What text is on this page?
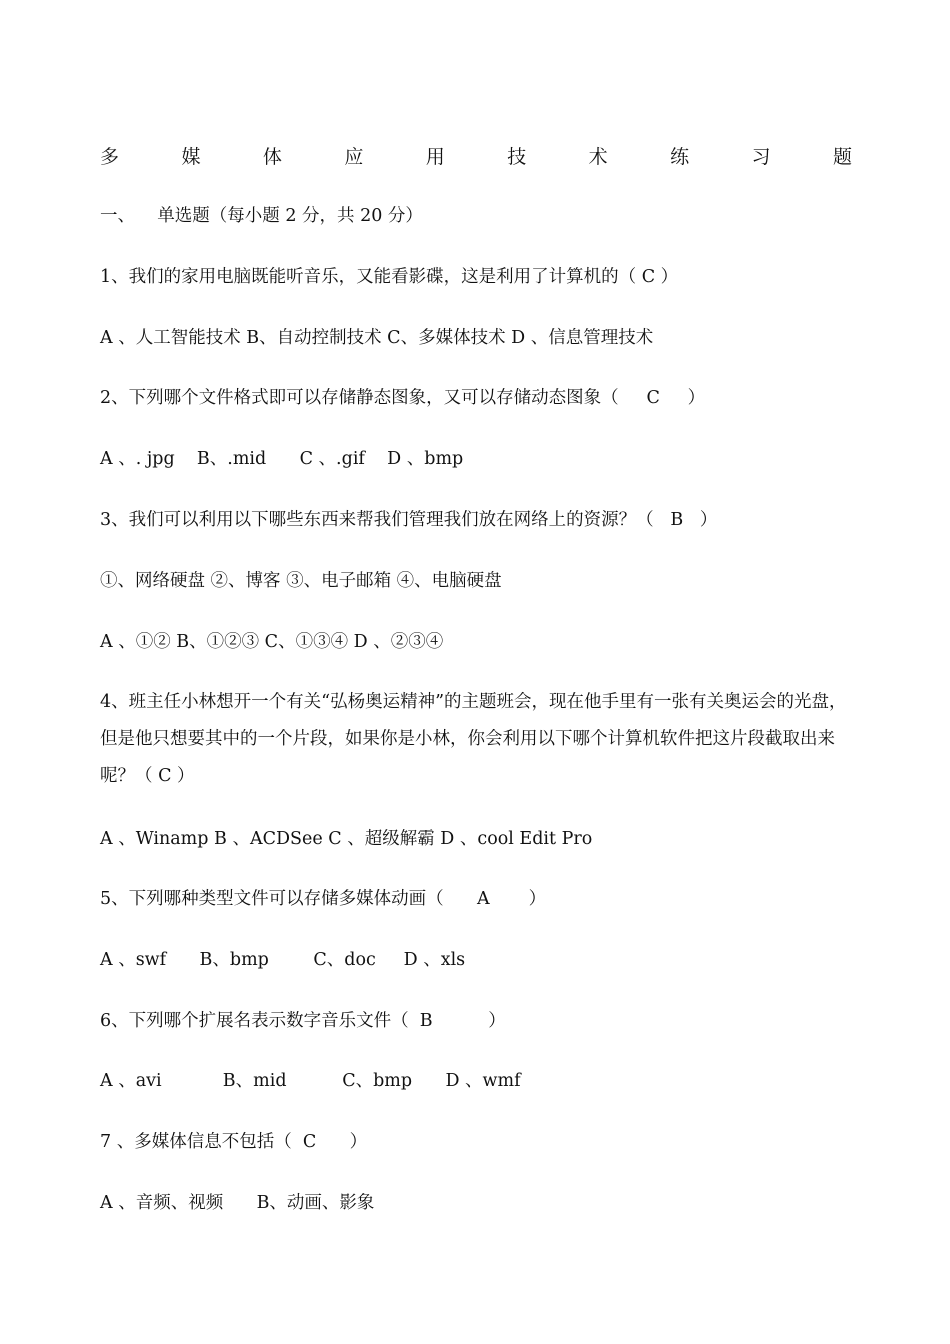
多	媒	体	应	用	技	术	练	习	题
一、    单选题（每小题 2 分，共 20 分）
1、我们的家用电脑既能听音乐，又能看影碟，这是利用了计算机的（ C ）
A 、人工智能技术 B、自动控制技术 C、多媒体技术 D 、信息管理技术
2、下列哪个文件格式即可以存储静态图象，又可以存储动态图象（     C     ）
A 、. jpg    B、.mid      C 、.gif    D 、bmp
3、我们可以利用以下哪些东西来帮我们管理我们放在网络上的资源？（   B   ）
①、网络硬盘 ②、博客 ③、电子邮箱 ④、电脑硬盘
A 、①② B、①②③ C、①③④ D 、②③④
4、班主任小林想开一个有关“弘杨奥运精神”的主题班会，现在他手里有一张有关奥运会的光盘，但是他只想要其中的一个片段，如果你是小林，你会利用以下哪个计算机软件把这片段截取出来呢？（ C ）
A 、Winamp B 、ACDSee C 、超级解霸 D 、cool Edit Pro
5、下列哪种类型文件可以存储多媒体动画（      A       ）
A 、swf      B、bmp        C、doc     D 、xls
6、下列哪个扩展名表示数字音乐文件（  B          ）
A 、avi           B、mid          C、bmp      D 、wmf
7 、多媒体信息不包括（  C      ）
A 、音频、视频      B、动画、影象
